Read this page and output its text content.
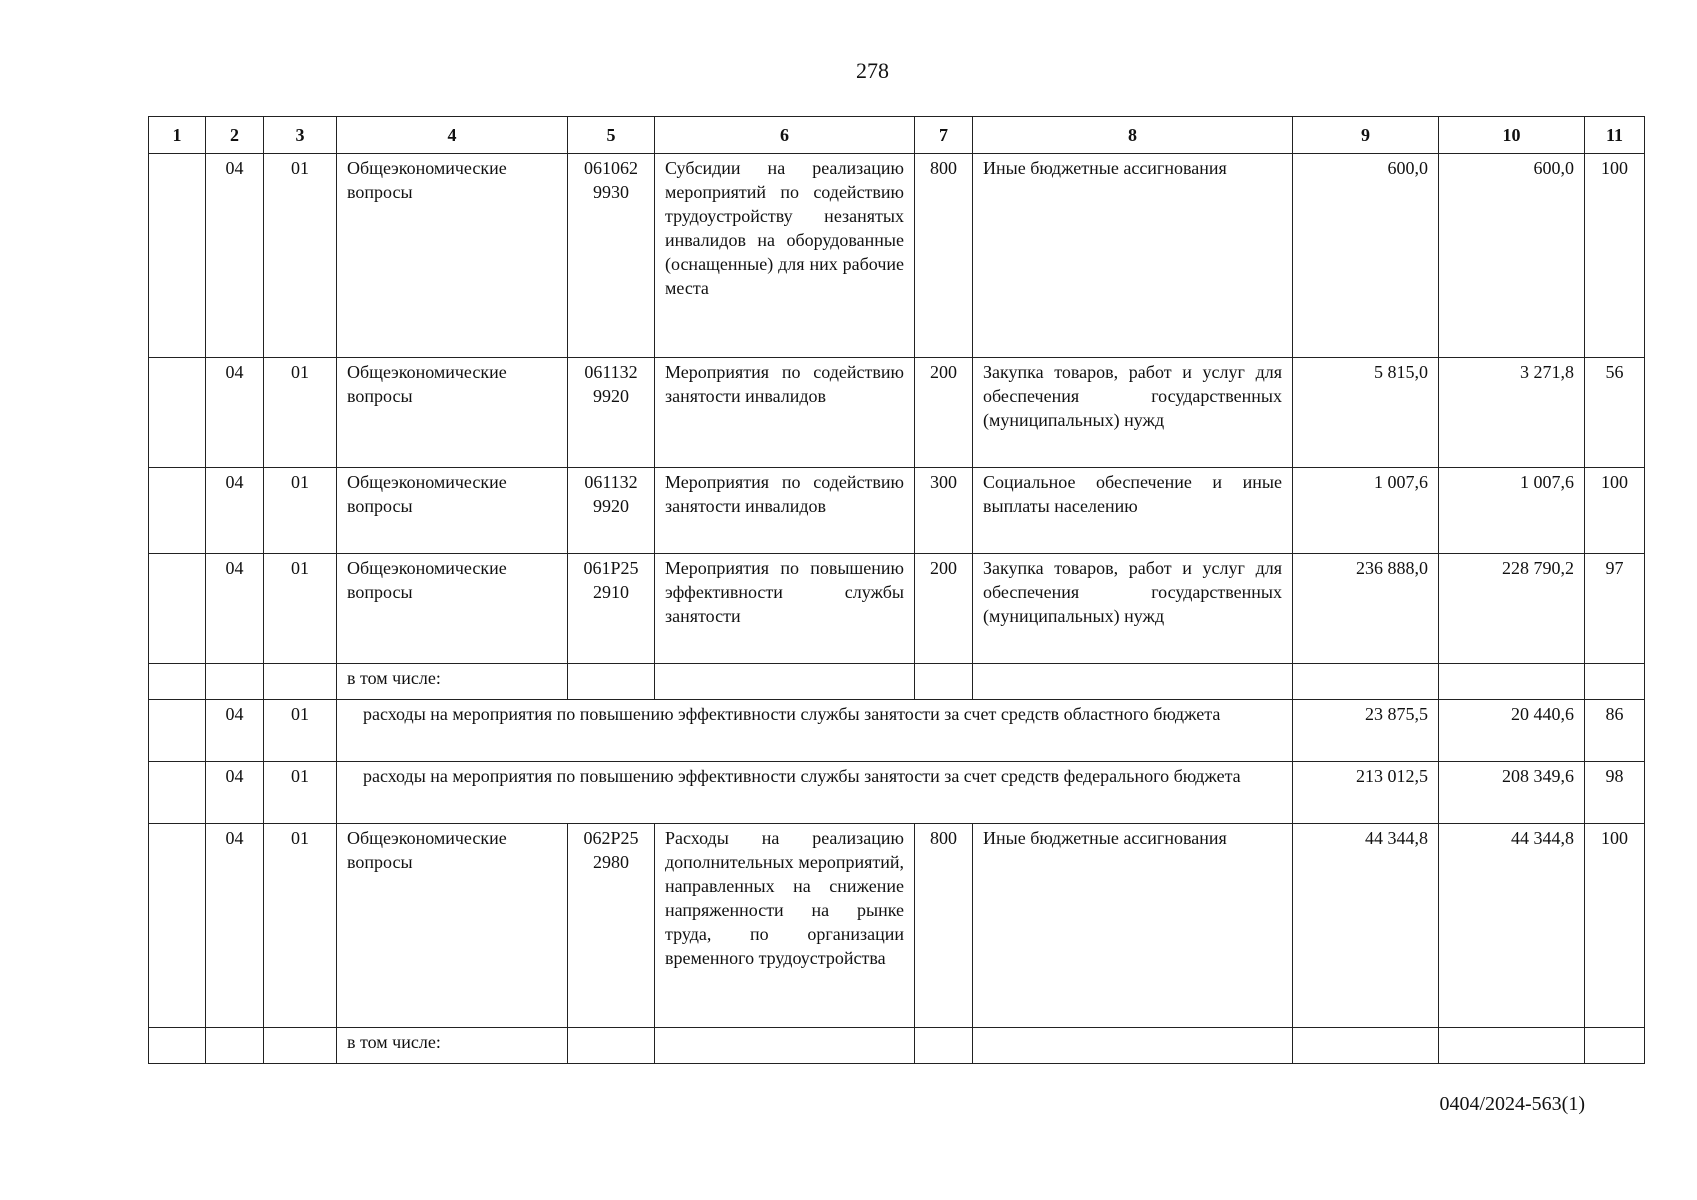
278
1	2	3	4	5	6	7	8	9	10	11
	04	01	Общеэкономические вопросы	061062 9930	Субсидии на реализацию мероприятий по содействию трудоустройству незанятых инвалидов на оборудованные (оснащенные) для них рабочие места	800	Иные бюджетные ассигнования	600,0	600,0	100
	04	01	Общеэкономические вопросы	061132 9920	Мероприятия по содействию занятости инвалидов	200	Закупка товаров, работ и услуг для обеспечения государственных (муниципальных) нужд	5 815,0	3 271,8	56
	04	01	Общеэкономические вопросы	061132 9920	Мероприятия по содействию занятости инвалидов	300	Социальное обеспечение и иные выплаты населению	1 007,6	1 007,6	100
	04	01	Общеэкономические вопросы	061Р25 2910	Мероприятия по повышению эффективности службы занятости	200	Закупка товаров, работ и услуг для обеспечения государственных (муниципальных) нужд	236 888,0	228 790,2	97
			в том числе:							
	04	01	расходы на мероприятия по повышению эффективности службы занятости за счет средств областного бюджета					23 875,5	20 440,6	86
	04	01	расходы на мероприятия по повышению эффективности службы занятости за счет средств федерального бюджета					213 012,5	208 349,6	98
	04	01	Общеэкономические вопросы	062Р25 2980	Расходы на реализацию дополнительных мероприятий, направленных на снижение напряженности на рынке труда, по организации временного трудоустройства	800	Иные бюджетные ассигнования	44 344,8	44 344,8	100
			в том числе:							
0404/2024-563(1)
